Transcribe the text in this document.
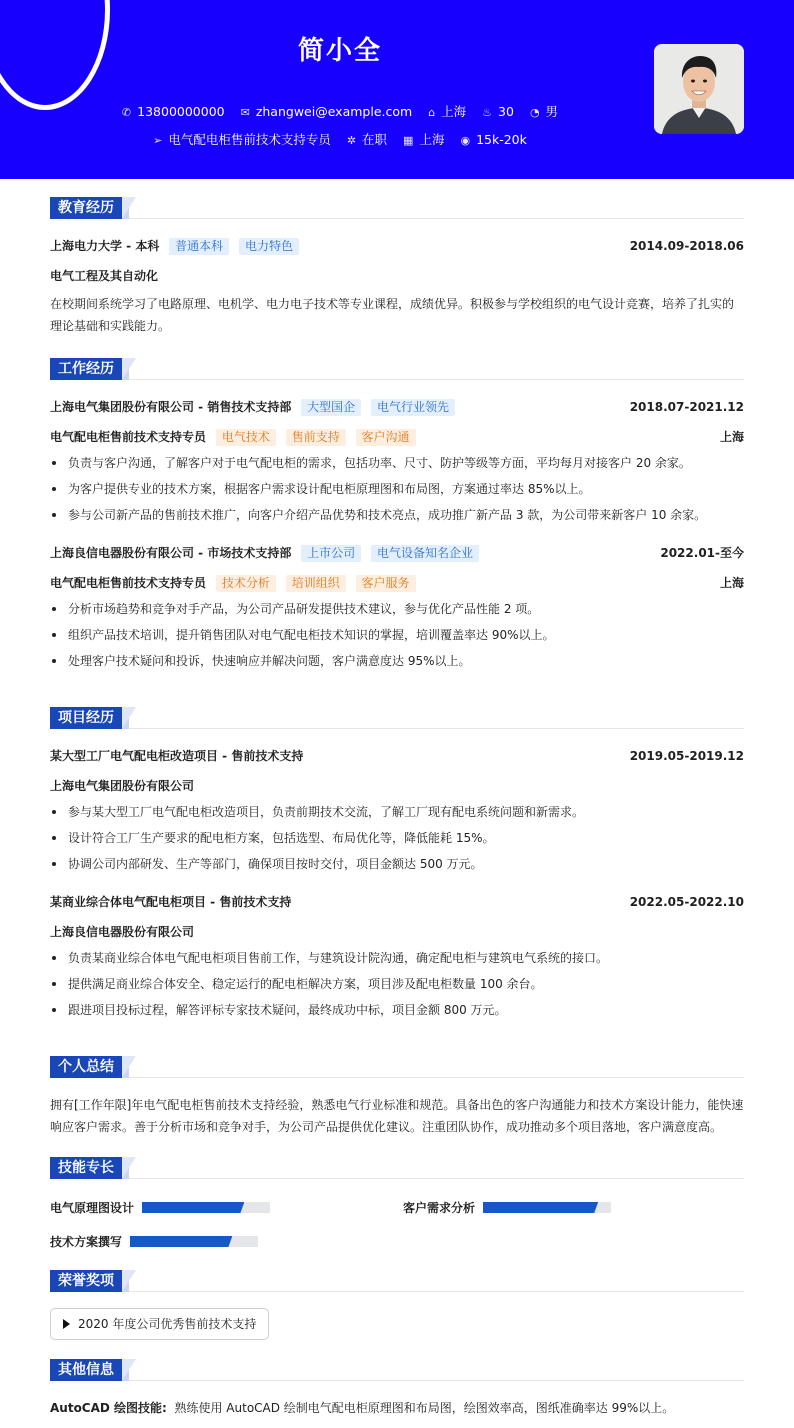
简小全
✆ 13800000000 ✉ zhangwei@example.com ⌂ 上海 ♨ 30 ◔ 男
➢ 电气配电柜售前技术支持专员 ✲ 在职 ▦ 上海 ◉ 15k-20k
教育经历
上海电力大学 - 本科 普通本科 电力特色	2014.09-2018.06
电气工程及其自动化
在校期间系统学习了电路原理、电机学、电力电子技术等专业课程，成绩优异。积极参与学校组织的电气设计竞赛，培养了扎实的理论基础和实践能力。
工作经历
上海电气集团股份有限公司 - 销售技术支持部 大型国企 电气行业领先	2018.07-2021.12
电气配电柜售前技术支持专员 电气技术 售前支持 客户沟通	上海
负责与客户沟通，了解客户对于电气配电柜的需求，包括功率、尺寸、防护等级等方面，平均每月对接客户 20 余家。
为客户提供专业的技术方案，根据客户需求设计配电柜原理图和布局图，方案通过率达 85%以上。
参与公司新产品的售前技术推广，向客户介绍产品优势和技术亮点，成功推广新产品 3 款，为公司带来新客户 10 余家。
上海良信电器股份有限公司 - 市场技术支持部 上市公司 电气设备知名企业	2022.01-至今
电气配电柜售前技术支持专员 技术分析 培训组织 客户服务	上海
分析市场趋势和竞争对手产品，为公司产品研发提供技术建议，参与优化产品性能 2 项。
组织产品技术培训，提升销售团队对电气配电柜技术知识的掌握，培训覆盖率达 90%以上。
处理客户技术疑问和投诉，快速响应并解决问题，客户满意度达 95%以上。
项目经历
某大型工厂电气配电柜改造项目 - 售前技术支持	2019.05-2019.12
上海电气集团股份有限公司
参与某大型工厂电气配电柜改造项目，负责前期技术交流，了解工厂现有配电系统问题和新需求。
设计符合工厂生产要求的配电柜方案，包括选型、布局优化等，降低能耗 15%。
协调公司内部研发、生产等部门，确保项目按时交付，项目金额达 500 万元。
某商业综合体电气配电柜项目 - 售前技术支持	2022.05-2022.10
上海良信电器股份有限公司
负责某商业综合体电气配电柜项目售前工作，与建筑设计院沟通，确定配电柜与建筑电气系统的接口。
提供满足商业综合体安全、稳定运行的配电柜解决方案，项目涉及配电柜数量 100 余台。
跟进项目投标过程，解答评标专家技术疑问，最终成功中标，项目金额 800 万元。
个人总结
拥有[工作年限]年电气配电柜售前技术支持经验，熟悉电气行业标准和规范。具备出色的客户沟通能力和技术方案设计能力，能快速响应客户需求。善于分析市场和竞争对手，为公司产品提供优化建议。注重团队协作，成功推动多个项目落地，客户满意度高。
技能专长
电气原理图设计	客户需求分析
技术方案撰写
荣誉奖项
2020 年度公司优秀售前技术支持
其他信息
AutoCAD 绘图技能: 熟练使用 AutoCAD 绘制电气配电柜原理图和布局图，绘图效率高，图纸准确率达 99%以上。
